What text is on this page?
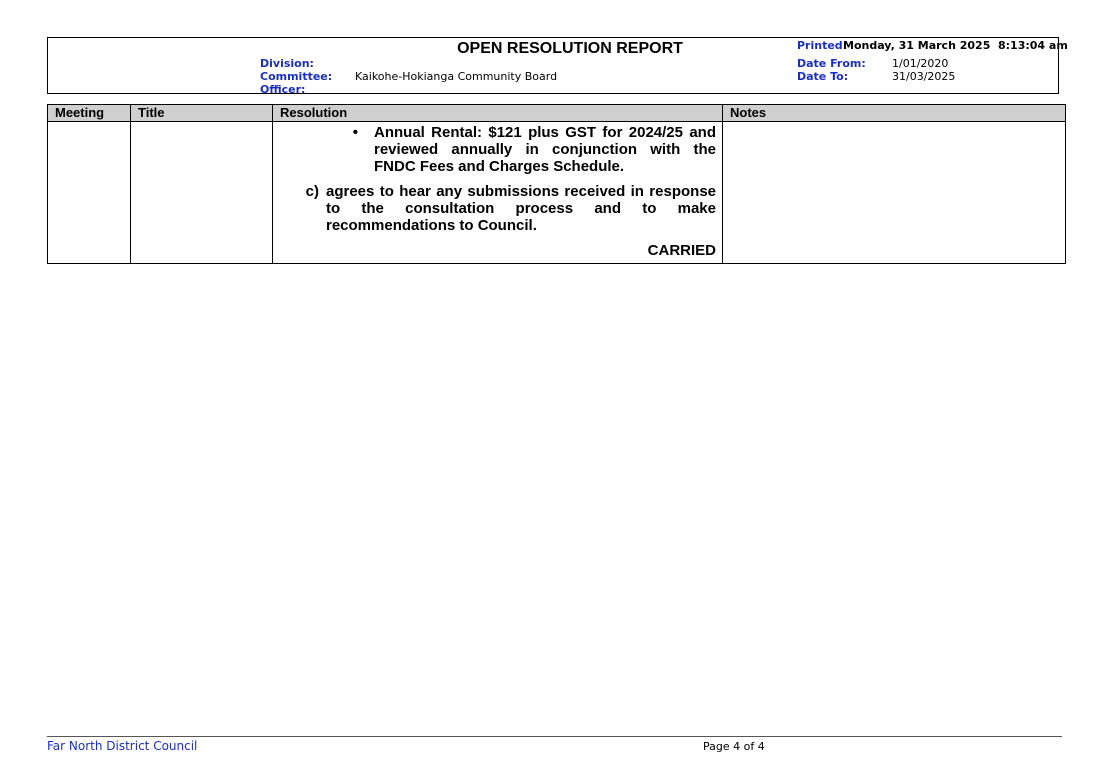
OPEN RESOLUTION REPORT
Division:
Committee: Kaikohe-Hokianga Community Board
Officer:
Printed:
Monday, 31 March 2025  8:13:04 am
Date From: 1/01/2020
Date To:	31/03/2025
Meeting	Title	Resolution	Notes

		• Annual Rental: $121 plus GST for 2024/25 and reviewed annually in conjunction with the FNDC Fees and Charges Schedule.
c) agrees to hear any submissions received in response to the consultation process and to make recommendations to Council.
CARRIED	

Far North District Council	Page 4 of 4
